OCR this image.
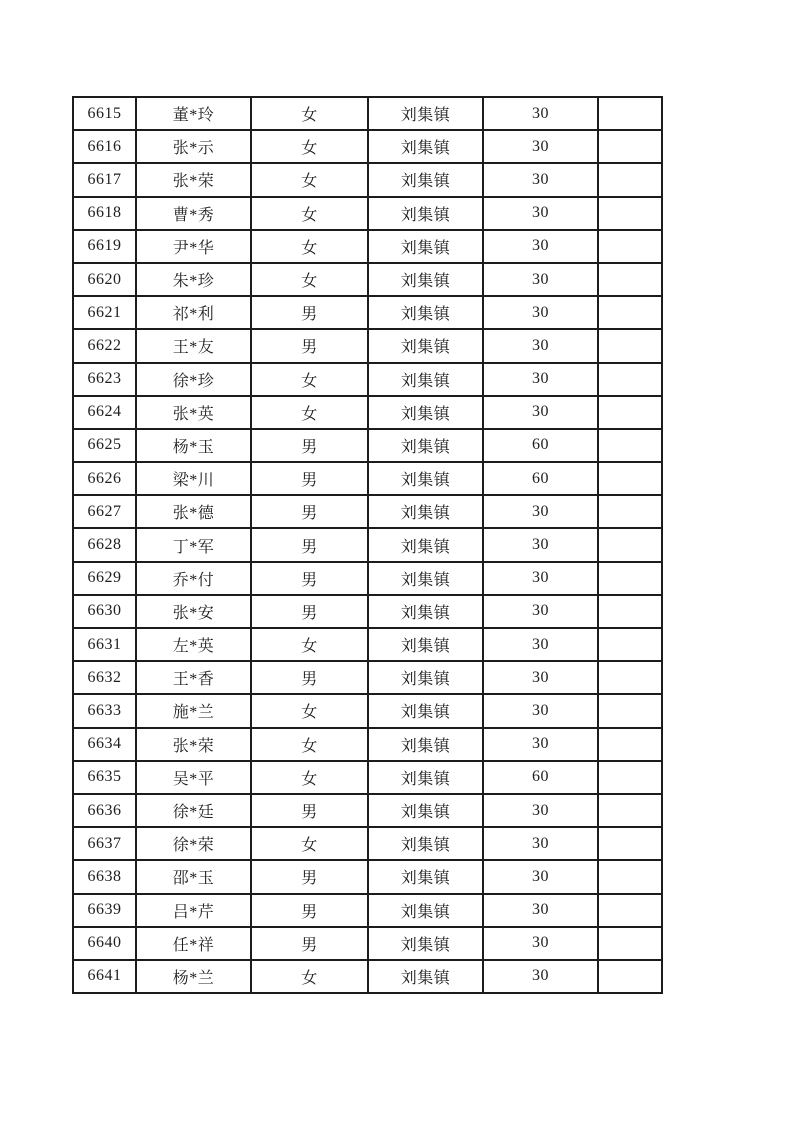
6615	董*玲	女	刘集镇	30	
6616	张*示	女	刘集镇	30	
6617	张*荣	女	刘集镇	30	
6618	曹*秀	女	刘集镇	30	
6619	尹*华	女	刘集镇	30	
6620	朱*珍	女	刘集镇	30	
6621	祁*利	男	刘集镇	30	
6622	王*友	男	刘集镇	30	
6623	徐*珍	女	刘集镇	30	
6624	张*英	女	刘集镇	30	
6625	杨*玉	男	刘集镇	60	
6626	梁*川	男	刘集镇	60	
6627	张*德	男	刘集镇	30	
6628	丁*军	男	刘集镇	30	
6629	乔*付	男	刘集镇	30	
6630	张*安	男	刘集镇	30	
6631	左*英	女	刘集镇	30	
6632	王*香	男	刘集镇	30	
6633	施*兰	女	刘集镇	30	
6634	张*荣	女	刘集镇	30	
6635	吴*平	女	刘集镇	60	
6636	徐*廷	男	刘集镇	30	
6637	徐*荣	女	刘集镇	30	
6638	邵*玉	男	刘集镇	30	
6639	吕*芹	男	刘集镇	30	
6640	任*祥	男	刘集镇	30	
6641	杨*兰	女	刘集镇	30	
